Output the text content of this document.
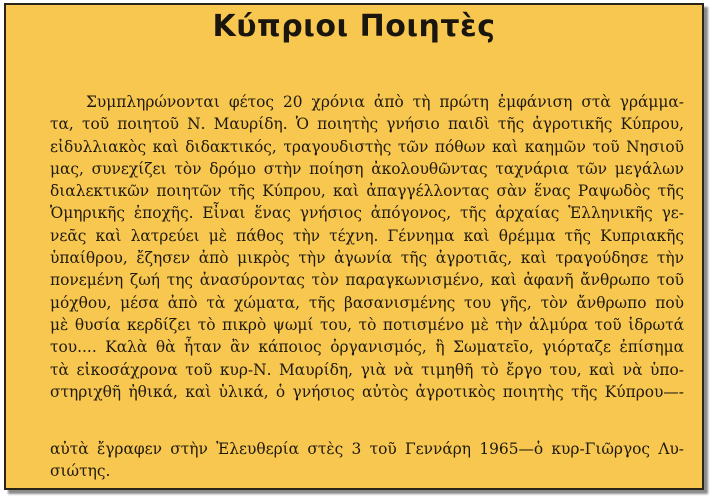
Κύπριοι Ποιητὲς
Συμπληρώνονται φέτος 20 χρόνια ἀπὸ τὴ πρώτη ἐμφάνιση στὰ γράμμα-
τα, τοῦ ποιητοῦ Ν. Μαυρίδη. Ὁ ποιητὴς γνήσιο παιδὶ τῆς ἀγροτικῆς Κύπρου,
εἰδυλλιακὸς καὶ διδακτικός, τραγουδιστὴς τῶν πόθων καὶ καημῶν τοῦ Νησιοῦ
μας, συνεχίζει τὸν δρόμο στὴν ποίηση ἀκολουθῶντας ταχνάρια τῶν μεγάλων
διαλεκτικῶν ποιητῶν τῆς Κύπρου, καὶ ἀπαγγέλλοντας σὰν ἕνας Ραψωδὸς τῆς
Ὁμηρικῆς ἐποχῆς. Εἶναι ἕνας γνήσιος ἀπόγονος, τῆς ἀρχαίας Ἑλληνικῆς γε-
νεᾶς καὶ λατρεύει μὲ πάθος τὴν τέχνη. Γέννημα καὶ θρέμμα τῆς Κυπριακῆς
ὑπαίθρου, ἔζησεν ἀπὸ μικρὸς τὴν ἀγωνία τῆς ἀγροτιᾶς, καὶ τραγούδησε τὴν
πονεμένη ζωή της ἀνασύροντας τὸν παραγκωνισμένο, καὶ ἀφανῆ ἄνθρωπο τοῦ
μόχθου, μέσα ἀπὸ τὰ χώματα, τῆς βασανισμένης του γῆς, τὸν ἄνθρωπο ποὺ
μὲ θυσία κερδίζει τὸ πικρὸ ψωμί του, τὸ ποτισμένο μὲ τὴν ἁλμύρα τοῦ ἱδρωτά
του.... Καλὰ θὰ ἦταν ἂν κάποιος ὀργανισμός, ἢ Σωματεῖο, γιόρταζε ἐπίσημα
τὰ εἰκοσάχρονα τοῦ κυρ-Ν. Μαυρίδη, γιὰ νὰ τιμηθῆ τὸ ἔργο του, καὶ νὰ ὑπο-
στηριχθῆ ἠθικά, καὶ ὑλικά, ὁ γνήσιος αὐτὸς ἀγροτικὸς ποιητὴς τῆς Κύπρου—-
αὐτὰ ἔγραφεν στὴν Ἐλευθερία στὲς 3 τοῦ Γεννάρη 1965—ὁ κυρ-Γιῶργος Λυ-
σιώτης.
